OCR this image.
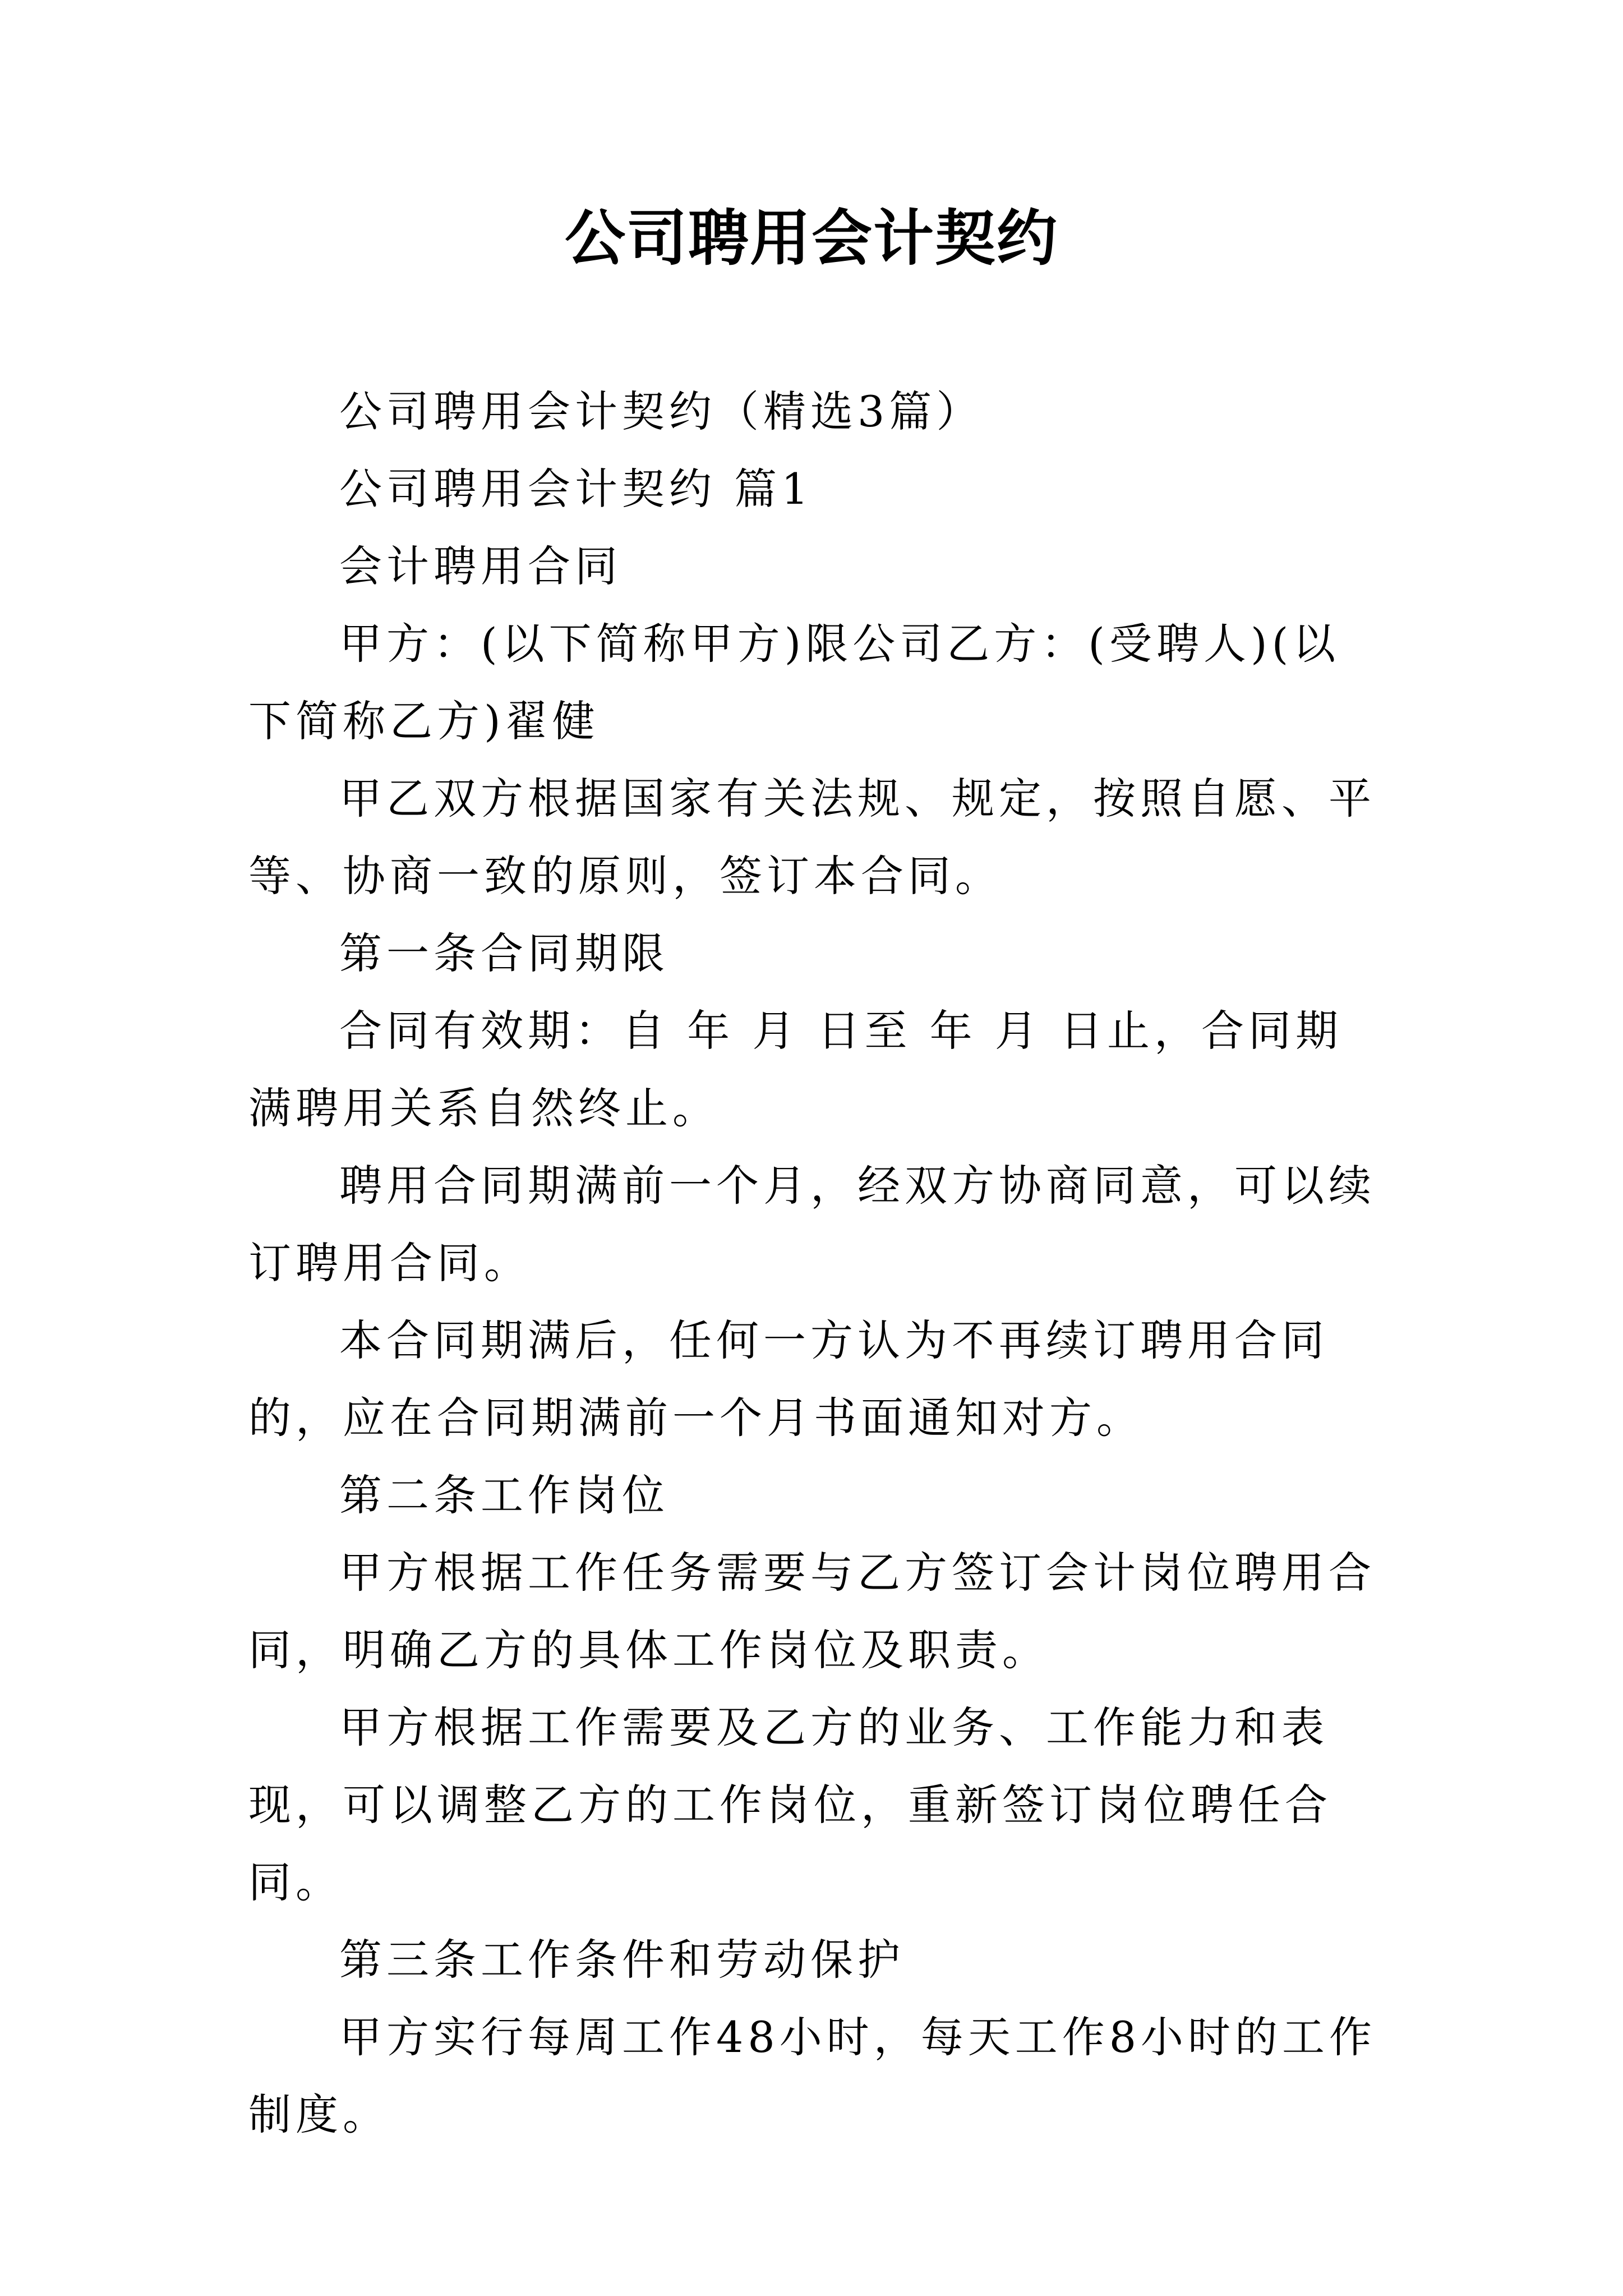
公司聘用会计契约

公司聘用会计契约（精选3篇）

公司聘用会计契约 篇1

会计聘用合同

甲方：(以下简称甲方)限公司乙方：(受聘人)(以下简称乙方)翟健

甲乙双方根据国家有关法规、规定，按照自愿、平等、协商一致的原则，签订本合同。

第一条合同期限

合同有效期：自 年 月 日至 年 月 日止，合同期满聘用关系自然终止。

聘用合同期满前一个月，经双方协商同意，可以续订聘用合同。

本合同期满后，任何一方认为不再续订聘用合同的，应在合同期满前一个月书面通知对方。

第二条工作岗位

甲方根据工作任务需要与乙方签订会计岗位聘用合同，明确乙方的具体工作岗位及职责。

甲方根据工作需要及乙方的业务、工作能力和表现，可以调整乙方的工作岗位，重新签订岗位聘任合同。

第三条工作条件和劳动保护

甲方实行每周工作48小时，每天工作8小时的工作制度。
